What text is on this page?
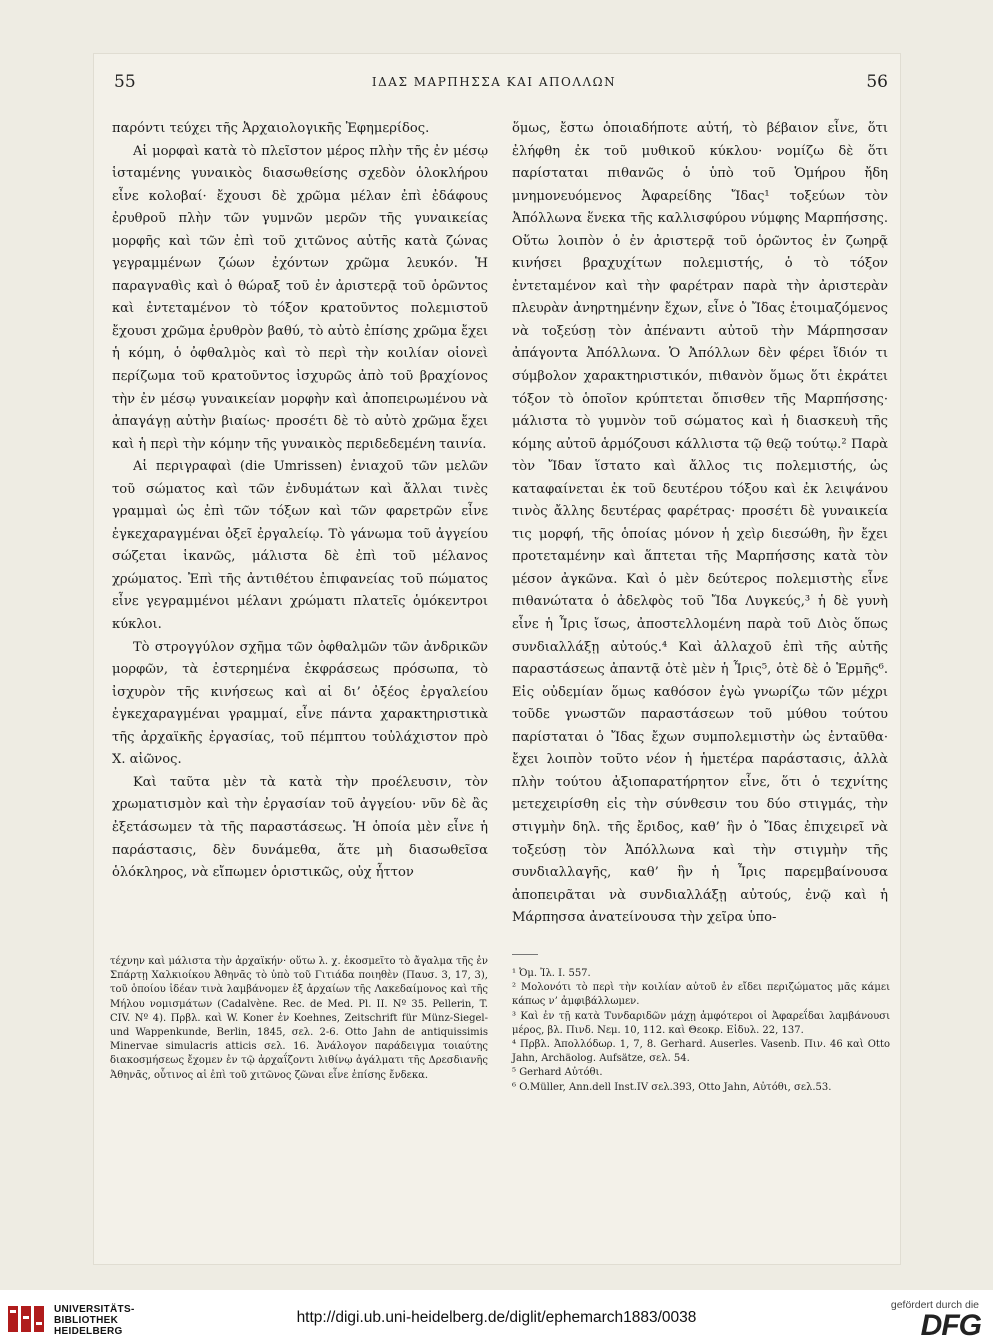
55	ΙΔΑΣ ΜΑΡΠΗΣΣΑ ΚΑΙ ΑΠΟΛΛΩΝ	56

παρόντι τεύχει τῆς Ἀρχαιολογικῆς Ἐφημερίδος.

Αἱ μορφαὶ κατὰ τὸ πλεῖστον μέρος πλὴν τῆς ἐν μέσῳ ἱσταμένης γυναικὸς διασωθείσης σχεδὸν ὁλοκλήρου εἶνε κολοβαί· ἔχουσι δὲ χρῶμα μέλαν ἐπὶ ἐδάφους ἐρυθροῦ πλὴν τῶν γυμνῶν μερῶν τῆς γυναικείας μορφῆς καὶ τῶν ἐπὶ τοῦ χιτῶνος αὐτῆς κατὰ ζώνας γεγραμμένων ζώων ἐχόντων χρῶμα λευκόν. Ἡ παραγναθὶς καὶ ὁ θώραξ τοῦ ἐν ἀριστερᾷ τοῦ ὁρῶντος καὶ ἐντεταμένον τὸ τόξον κρατοῦντος πολεμιστοῦ ἔχουσι χρῶμα ἐρυθρὸν βαθύ, τὸ αὐτὸ ἐπίσης χρῶμα ἔχει ἡ κόμη, ὁ ὀφθαλμὸς καὶ τὸ περὶ τὴν κοιλίαν οἱονεὶ περίζωμα τοῦ κρατοῦντος ἰσχυρῶς ἀπὸ τοῦ βραχίονος τὴν ἐν μέσῳ γυναικείαν μορφὴν καὶ ἀποπειρωμένου νὰ ἀπαγάγῃ αὐτὴν βιαίως· προσέτι δὲ τὸ αὐτὸ χρῶμα ἔχει καὶ ἡ περὶ τὴν κόμην τῆς γυναικὸς περιδεδεμένη ταινία.

Αἱ περιγραφαὶ (die Umrissen) ἐνιαχοῦ τῶν μελῶν τοῦ σώματος καὶ τῶν ἐνδυμάτων καὶ ἄλλαι τινὲς γραμμαὶ ὡς ἐπὶ τῶν τόξων καὶ τῶν φαρετρῶν εἶνε ἐγκεχαραγμέναι ὀξεῖ ἐργαλείῳ. Τὸ γάνωμα τοῦ ἀγγείου σώζεται ἱκανῶς, μάλιστα δὲ ἐπὶ τοῦ μέλανος χρώματος. Ἐπὶ τῆς ἀντιθέτου ἐπιφανείας τοῦ πώματος εἶνε γεγραμμένοι μέλανι χρώματι πλατεῖς ὁμόκεντροι κύκλοι.

Τὸ στρογγύλον σχῆμα τῶν ὀφθαλμῶν τῶν ἀνδρικῶν μορφῶν, τὰ ἐστερημένα ἐκφράσεως πρόσωπα, τὸ ἰσχυρὸν τῆς κινήσεως καὶ αἱ δι’ ὀξέος ἐργαλείου ἐγκεχαραγμέναι γραμμαί, εἶνε πάντα χαρακτηριστικὰ τῆς ἀρχαϊκῆς ἐργασίας, τοῦ πέμπτου τοὐλάχιστον πρὸ Χ. αἰῶνος.

Καὶ ταῦτα μὲν τὰ κατὰ τὴν προέλευσιν, τὸν χρωματισμὸν καὶ τὴν ἐργασίαν τοῦ ἀγγείου· νῦν δὲ ἂς ἐξετάσωμεν τὰ τῆς παραστάσεως. Ἡ ὁποία μὲν εἶνε ἡ παράστασις, δὲν δυνάμεθα, ἅτε μὴ διασωθεῖσα ὁλόκληρος, νὰ εἴπωμεν ὁριστικῶς, οὐχ ἧττον

ὅμως, ἔστω ὁποιαδήποτε αὐτή, τὸ βέβαιον εἶνε, ὅτι ἐλήφθη ἐκ τοῦ μυθικοῦ κύκλου· νομίζω δὲ ὅτι παρίσταται πιθανῶς ὁ ὑπὸ τοῦ Ὁμήρου ἤδη μνημονευόμενος Ἀφαρείδης Ἴδας¹ τοξεύων τὸν Ἀπόλλωνα ἕνεκα τῆς καλλισφύρου νύμφης Μαρπήσσης. Οὕτω λοιπὸν ὁ ἐν ἀριστερᾷ τοῦ ὁρῶντος ἐν ζωηρᾷ κινήσει βραχυχίτων πολεμιστής, ὁ τὸ τόξον ἐντεταμένον καὶ τὴν φαρέτραν παρὰ τὴν ἀριστερὰν πλευρὰν ἀνηρτημένην ἔχων, εἶνε ὁ Ἴδας ἑτοιμαζόμενος νὰ τοξεύσῃ τὸν ἀπέναντι αὐτοῦ τὴν Μάρπησσαν ἀπάγοντα Ἀπόλλωνα. Ὁ Ἀπόλλων δὲν φέρει ἴδιόν τι σύμβολον χαρακτηριστικόν, πιθανὸν ὅμως ὅτι ἐκράτει τόξον τὸ ὁποῖον κρύπτεται ὄπισθεν τῆς Μαρπήσσης· μάλιστα τὸ γυμνὸν τοῦ σώματος καὶ ἡ διασκευὴ τῆς κόμης αὐτοῦ ἁρμόζουσι κάλλιστα τῷ θεῷ τούτῳ.² Παρὰ τὸν Ἴδαν ἵστατο καὶ ἄλλος τις πολεμιστής, ὡς καταφαίνεται ἐκ τοῦ δευτέρου τόξου καὶ ἐκ λειψάνου τινὸς ἄλλης δευτέρας φαρέτρας· προσέτι δὲ γυναικεία τις μορφή, τῆς ὁποίας μόνον ἡ χεὶρ διεσώθη, ἣν ἔχει προτεταμένην καὶ ἅπτεται τῆς Μαρπήσσης κατὰ τὸν μέσον ἀγκῶνα. Καὶ ὁ μὲν δεύτερος πολεμιστὴς εἶνε πιθανώτατα ὁ ἀδελφὸς τοῦ Ἴδα Λυγκεύς,³ ἡ δὲ γυνὴ εἶνε ἡ Ἶρις ἴσως, ἀποστελλομένη παρὰ τοῦ Διὸς ὅπως συνδιαλλάξῃ αὐτούς.⁴ Καὶ ἀλλαχοῦ ἐπὶ τῆς αὐτῆς παραστάσεως ἀπαντᾷ ὁτὲ μὲν ἡ Ἶρις⁵, ὁτὲ δὲ ὁ Ἑρμῆς⁶. Εἰς οὐδεμίαν ὅμως καθόσον ἐγὼ γνωρίζω τῶν μέχρι τοῦδε γνωστῶν παραστάσεων τοῦ μύθου τούτου παρίσταται ὁ Ἴδας ἔχων συμπολεμιστὴν ὡς ἐνταῦθα· ἔχει λοιπὸν τοῦτο νέον ἡ ἡμετέρα παράστασις, ἀλλὰ πλὴν τούτου ἀξιοπαρατήρητον εἶνε, ὅτι ὁ τεχνίτης μετεχειρίσθη εἰς τὴν σύνθεσιν του δύο στιγμάς, τὴν στιγμὴν δηλ. τῆς ἔριδος, καθ’ ἣν ὁ Ἴδας ἐπιχειρεῖ νὰ τοξεύσῃ τὸν Ἀπόλλωνα καὶ τὴν στιγμὴν τῆς συνδιαλλαγῆς, καθ’ ἣν ἡ Ἶρις παρεμβαίνουσα ἀποπειρᾶται νὰ συνδιαλλάξῃ αὐτούς, ἐνῷ καὶ ἡ Μάρπησσα ἀνατείνουσα τὴν χεῖρα ὑπο-

τέχνην καὶ μάλιστα τὴν ἀρχαϊκήν· οὕτω λ. χ. ἐκοσμεῖτο τὸ ἄγαλμα τῆς ἐν Σπάρτῃ Χαλκιοίκου Ἀθηνᾶς τὸ ὑπὸ τοῦ Γιτιάδα ποιηθὲν (Παυσ. 3, 17, 3), τοῦ ὁποίου ἰδέαν τινὰ λαμβάνομεν ἐξ ἀρχαίων τῆς Λακεδαίμονος καὶ τῆς Μήλου νομισμάτων (Cadalvène. Rec. de Med. Pl. II. Nº 35. Pellerin, T. CIV. Nº 4). Πρβλ. καὶ W. Koner ἐν Koehnes, Zeitschrift für Münz-Siegel-und Wappenkunde, Berlin, 1845, σελ. 2-6. Otto Jahn de antiquissimis Minervae simulacris atticis σελ. 16. Ἀνάλογον παράδειγμα τοιαύτης διακοσμήσεως ἔχομεν ἐν τῷ ἀρχαΐζοντι λιθίνῳ ἀγάλματι τῆς Δρεσδιανῆς Ἀθηνᾶς, οὗτινος αἱ ἐπὶ τοῦ χιτῶνος ζῶναι εἶνε ἐπίσης ἔνδεκα.

¹ Ὀμ. Ἰλ. I. 557.

² Μολονότι τὸ περὶ τὴν κοιλίαν αὐτοῦ ἐν εἴδει περιζώματος μᾶς κάμει κάπως ν’ ἀμφιβάλλωμεν.

³ Καὶ ἐν τῇ κατὰ Τυνδαριδῶν μάχῃ ἀμφότεροι οἱ Ἀφαρεΐδαι λαμβάνουσι μέρος, βλ. Πινδ. Νεμ. 10, 112. καὶ Θεοκρ. Εἰδυλ. 22, 137.

⁴ Πρβλ. Ἀπολλόδωρ. 1, 7, 8. Gerhard. Auserles. Vasenb. Πιν. 46 καὶ Otto Jahn, Archäolog. Aufsätze, σελ. 54.

⁵ Gerhard Αὐτόθι.

⁶ O.Müller, Ann.dell Inst.IV σελ.393, Otto Jahn, Αὐτόθι, σελ.53.

UNIVERSITÄTS-
BIBLIOTHEK
HEIDELBERG
http://digi.ub.uni-heidelberg.de/diglit/ephemarch1883/0038
gefördert durch die
DFG
